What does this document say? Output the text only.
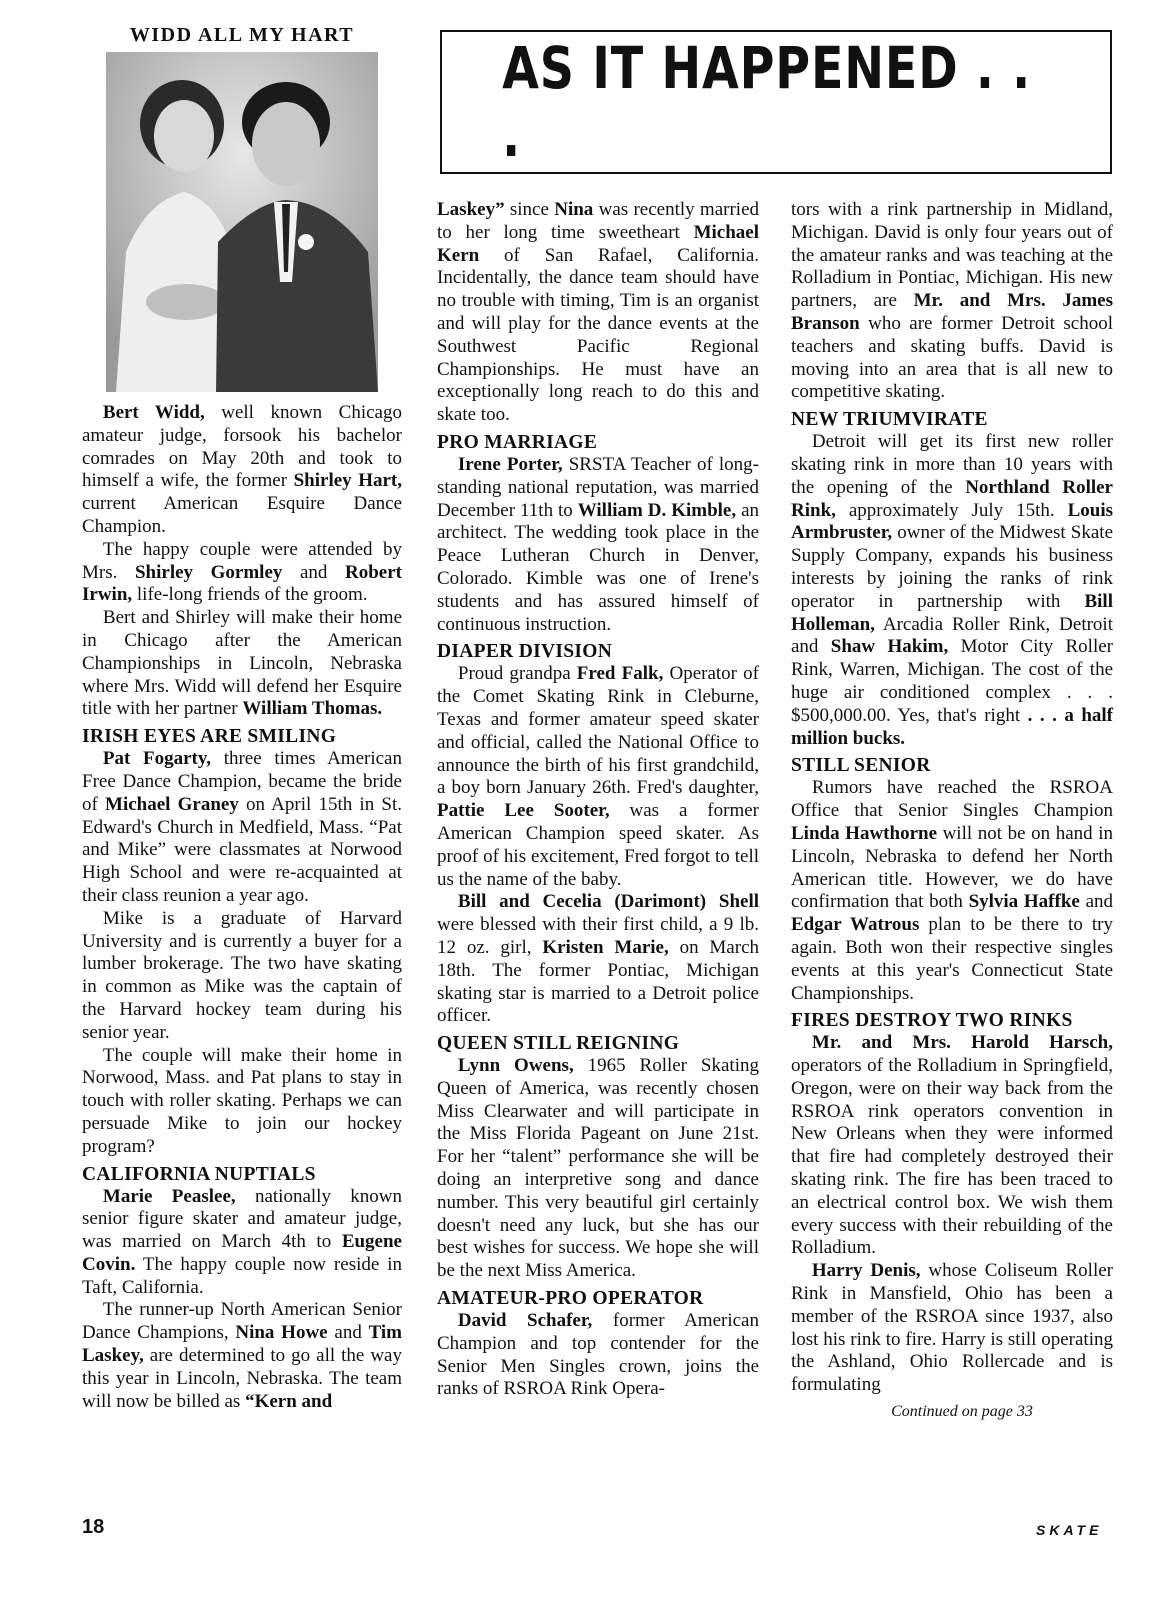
WIDD ALL MY HART	AS IT HAPPENED . . .

Bert Widd, well known Chicago amateur judge, forsook his bachelor comrades on May 20th and took to himself a wife, the former Shirley Hart, current American Esquire Dance Champion.

The happy couple were attended by Mrs. Shirley Gormley and Robert Irwin, life-long friends of the groom.

Bert and Shirley will make their home in Chicago after the American Championships in Lincoln, Nebraska where Mrs. Widd will defend her Esquire title with her partner William Thomas.

IRISH EYES ARE SMILING

Pat Fogarty, three times American Free Dance Champion, became the bride of Michael Graney on April 15th in St. Edward's Church in Medfield, Mass. “Pat and Mike” were classmates at Norwood High School and were re-acquainted at their class reunion a year ago.

Mike is a graduate of Harvard University and is currently a buyer for a lumber brokerage. The two have skating in common as Mike was the captain of the Harvard hockey team during his senior year.

The couple will make their home in Norwood, Mass. and Pat plans to stay in touch with roller skating. Perhaps we can persuade Mike to join our hockey program?

CALIFORNIA NUPTIALS

Marie Peaslee, nationally known senior figure skater and amateur judge, was married on March 4th to Eugene Covin. The happy couple now reside in Taft, California.

The runner-up North American Senior Dance Champions, Nina Howe and Tim Laskey, are determined to go all the way this year in Lincoln, Nebraska. The team will now be billed as “Kern and

Laskey” since Nina was recently married to her long time sweetheart Michael Kern of San Rafael, California. Incidentally, the dance team should have no trouble with timing, Tim is an organist and will play for the dance events at the Southwest Pacific Regional Championships. He must have an exceptionally long reach to do this and skate too.

PRO MARRIAGE

Irene Porter, SRSTA Teacher of long-standing national reputation, was married December 11th to William D. Kimble, an architect. The wedding took place in the Peace Lutheran Church in Denver, Colorado. Kimble was one of Irene's students and has assured himself of continuous instruction.

DIAPER DIVISION

Proud grandpa Fred Falk, Operator of the Comet Skating Rink in Cleburne, Texas and former amateur speed skater and official, called the National Office to announce the birth of his first grandchild, a boy born January 26th. Fred's daughter, Pattie Lee Sooter, was a former American Champion speed skater. As proof of his excitement, Fred forgot to tell us the name of the baby.

Bill and Cecelia (Darimont) Shell were blessed with their first child, a 9 lb. 12 oz. girl, Kristen Marie, on March 18th. The former Pontiac, Michigan skating star is married to a Detroit police officer.

QUEEN STILL REIGNING

Lynn Owens, 1965 Roller Skating Queen of America, was recently chosen Miss Clearwater and will participate in the Miss Florida Pageant on June 21st. For her “talent” performance she will be doing an interpretive song and dance number. This very beautiful girl certainly doesn't need any luck, but she has our best wishes for success. We hope she will be the next Miss America.

AMATEUR-PRO OPERATOR

David Schafer, former American Champion and top contender for the Senior Men Singles crown, joins the ranks of RSROA Rink Opera-

tors with a rink partnership in Midland, Michigan. David is only four years out of the amateur ranks and was teaching at the Rolladium in Pontiac, Michigan. His new partners, are Mr. and Mrs. James Branson who are former Detroit school teachers and skating buffs. David is moving into an area that is all new to competitive skating.

NEW TRIUMVIRATE

Detroit will get its first new roller skating rink in more than 10 years with the opening of the Northland Roller Rink, approximately July 15th. Louis Armbruster, owner of the Midwest Skate Supply Company, expands his business interests by joining the ranks of rink operator in partnership with Bill Holleman, Arcadia Roller Rink, Detroit and Shaw Hakim, Motor City Roller Rink, Warren, Michigan. The cost of the huge air conditioned complex . . . $500,000.00. Yes, that's right . . . a half million bucks.

STILL SENIOR

Rumors have reached the RSROA Office that Senior Singles Champion Linda Hawthorne will not be on hand in Lincoln, Nebraska to defend her North American title. However, we do have confirmation that both Sylvia Haffke and Edgar Watrous plan to be there to try again. Both won their respective singles events at this year's Connecticut State Championships.

FIRES DESTROY TWO RINKS

Mr. and Mrs. Harold Harsch, operators of the Rolladium in Springfield, Oregon, were on their way back from the RSROA rink operators convention in New Orleans when they were informed that fire had completely destroyed their skating rink. The fire has been traced to an electrical control box. We wish them every success with their rebuilding of the Rolladium.

Harry Denis, whose Coliseum Roller Rink in Mansfield, Ohio has been a member of the RSROA since 1937, also lost his rink to fire. Harry is still operating the Ashland, Ohio Rollercade and is formulating

Continued on page 33
18	SKATE
